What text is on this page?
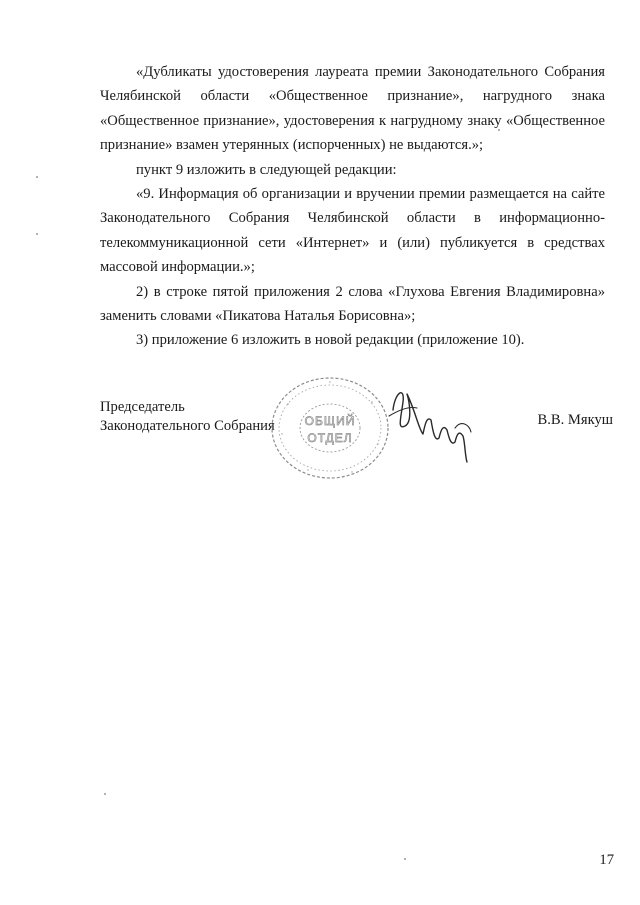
«Дубликаты удостоверения лауреата премии Законодательного Собрания Челябинской области «Общественное признание», нагрудного знака «Общественное признание», удостоверения к нагрудному знаку «Общественное признание» взамен утерянных (испорченных) не выдаются.»;

пункт 9 изложить в следующей редакции:

«9. Информация об организации и вручении премии размещается на сайте Законодательного Собрания Челябинской области в информационно-телекоммуникационной сети «Интернет» и (или) публикуется в средствах массовой информации.»;

2) в строке пятой приложения 2 слова «Глухова Евгения Владимировна» заменить словами «Пикатова Наталья Борисовна»;

3) приложение 6 изложить в новой редакции (приложение 10).

Председатель
Законодательного Собрания ОБЩИЙ
ОТДЕЛ
В.В. Мякуш
17
